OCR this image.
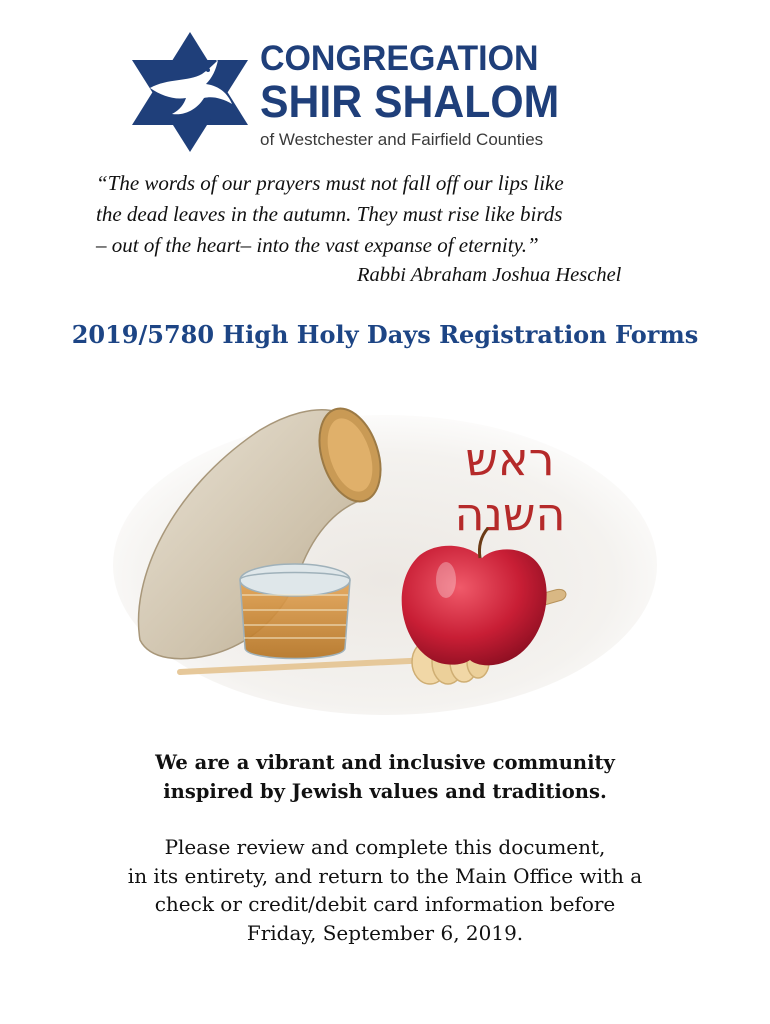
CONGREGATION
SHIR SHALOM
of Westchester and Fairfield Counties
“The words of our prayers must not fall off our lips like
the dead leaves in the autumn. They must rise like birds
– out of the heart– into the vast expanse of eternity.”
Rabbi Abraham Joshua Heschel
2019/5780 High Holy Days Registration Forms
ראש
השנה
We are a vibrant and inclusive community
inspired by Jewish values and traditions.
Please review and complete this document,
in its entirety, and return to the Main Office with a
check or credit/debit card information before
Friday, September 6, 2019.
